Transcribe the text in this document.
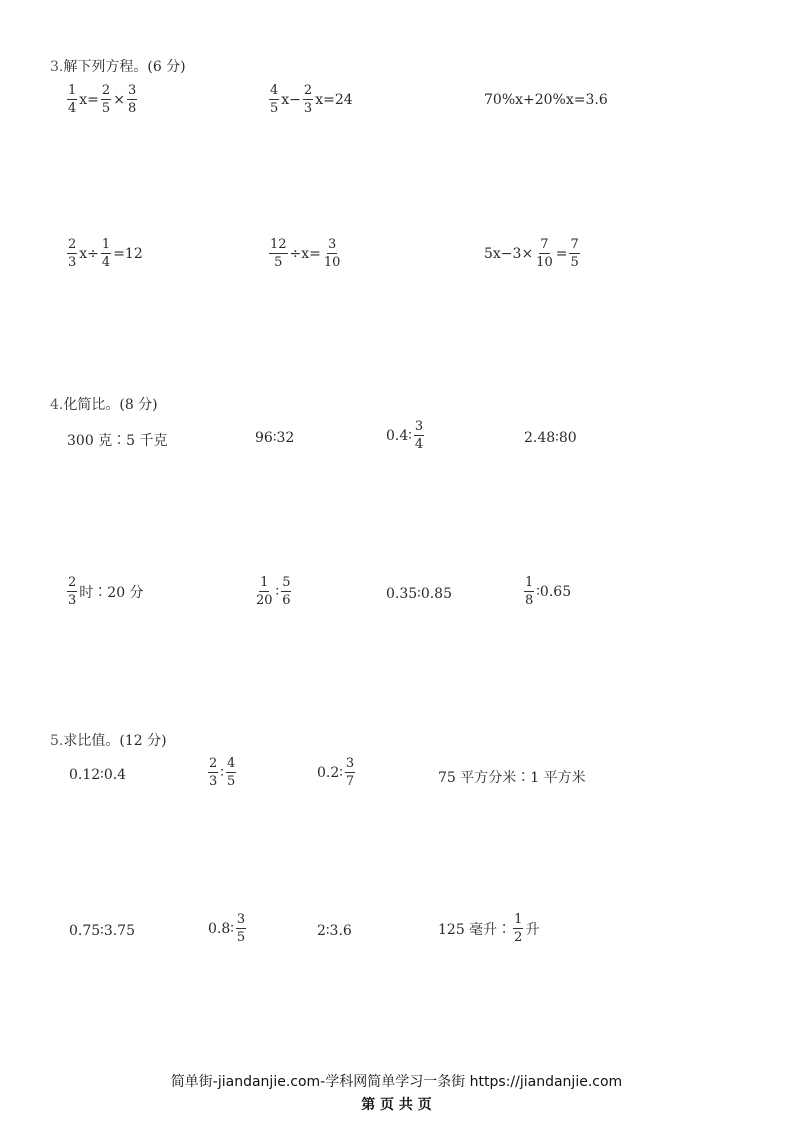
3.解下列方程。(6 分)
$\frac{1}{4} x= \frac{2}{5} \times \frac{3}{8}$	$\frac{4}{5} x- \frac{2}{3} x=24$	70%x+20%x=3.6
$\frac{2}{3} x\div \frac{1}{4} =12$	$\frac{12}{5} \div x= \frac{3}{10}$	$5x-3\times \frac{7}{10} = \frac{7}{5}$
4.化简比。(8 分)
300 克∶5 千克	96∶32	0.4∶ $\frac{3}{4}$	2.48∶80
$\frac{2}{3}$ 时∶20 分	$\frac{1}{20}$ ∶ $\frac{5}{6}$	0.35∶0.85	$\frac{1}{8}$ ∶0.65
5.求比值。(12 分)
0.12∶0.4	$\frac{2}{3}$ ∶ $\frac{4}{5}$	0.2∶ $\frac{3}{7}$	75 平方分米∶1 平方米
0.75∶3.75	0.8∶ $\frac{3}{5}$	2∶3.6	125 毫升∶ $\frac{1}{2}$ 升
简单街-jiandanjie.com-学科网简单学习一条街 https://jiandanjie.com
第 页 共 页
